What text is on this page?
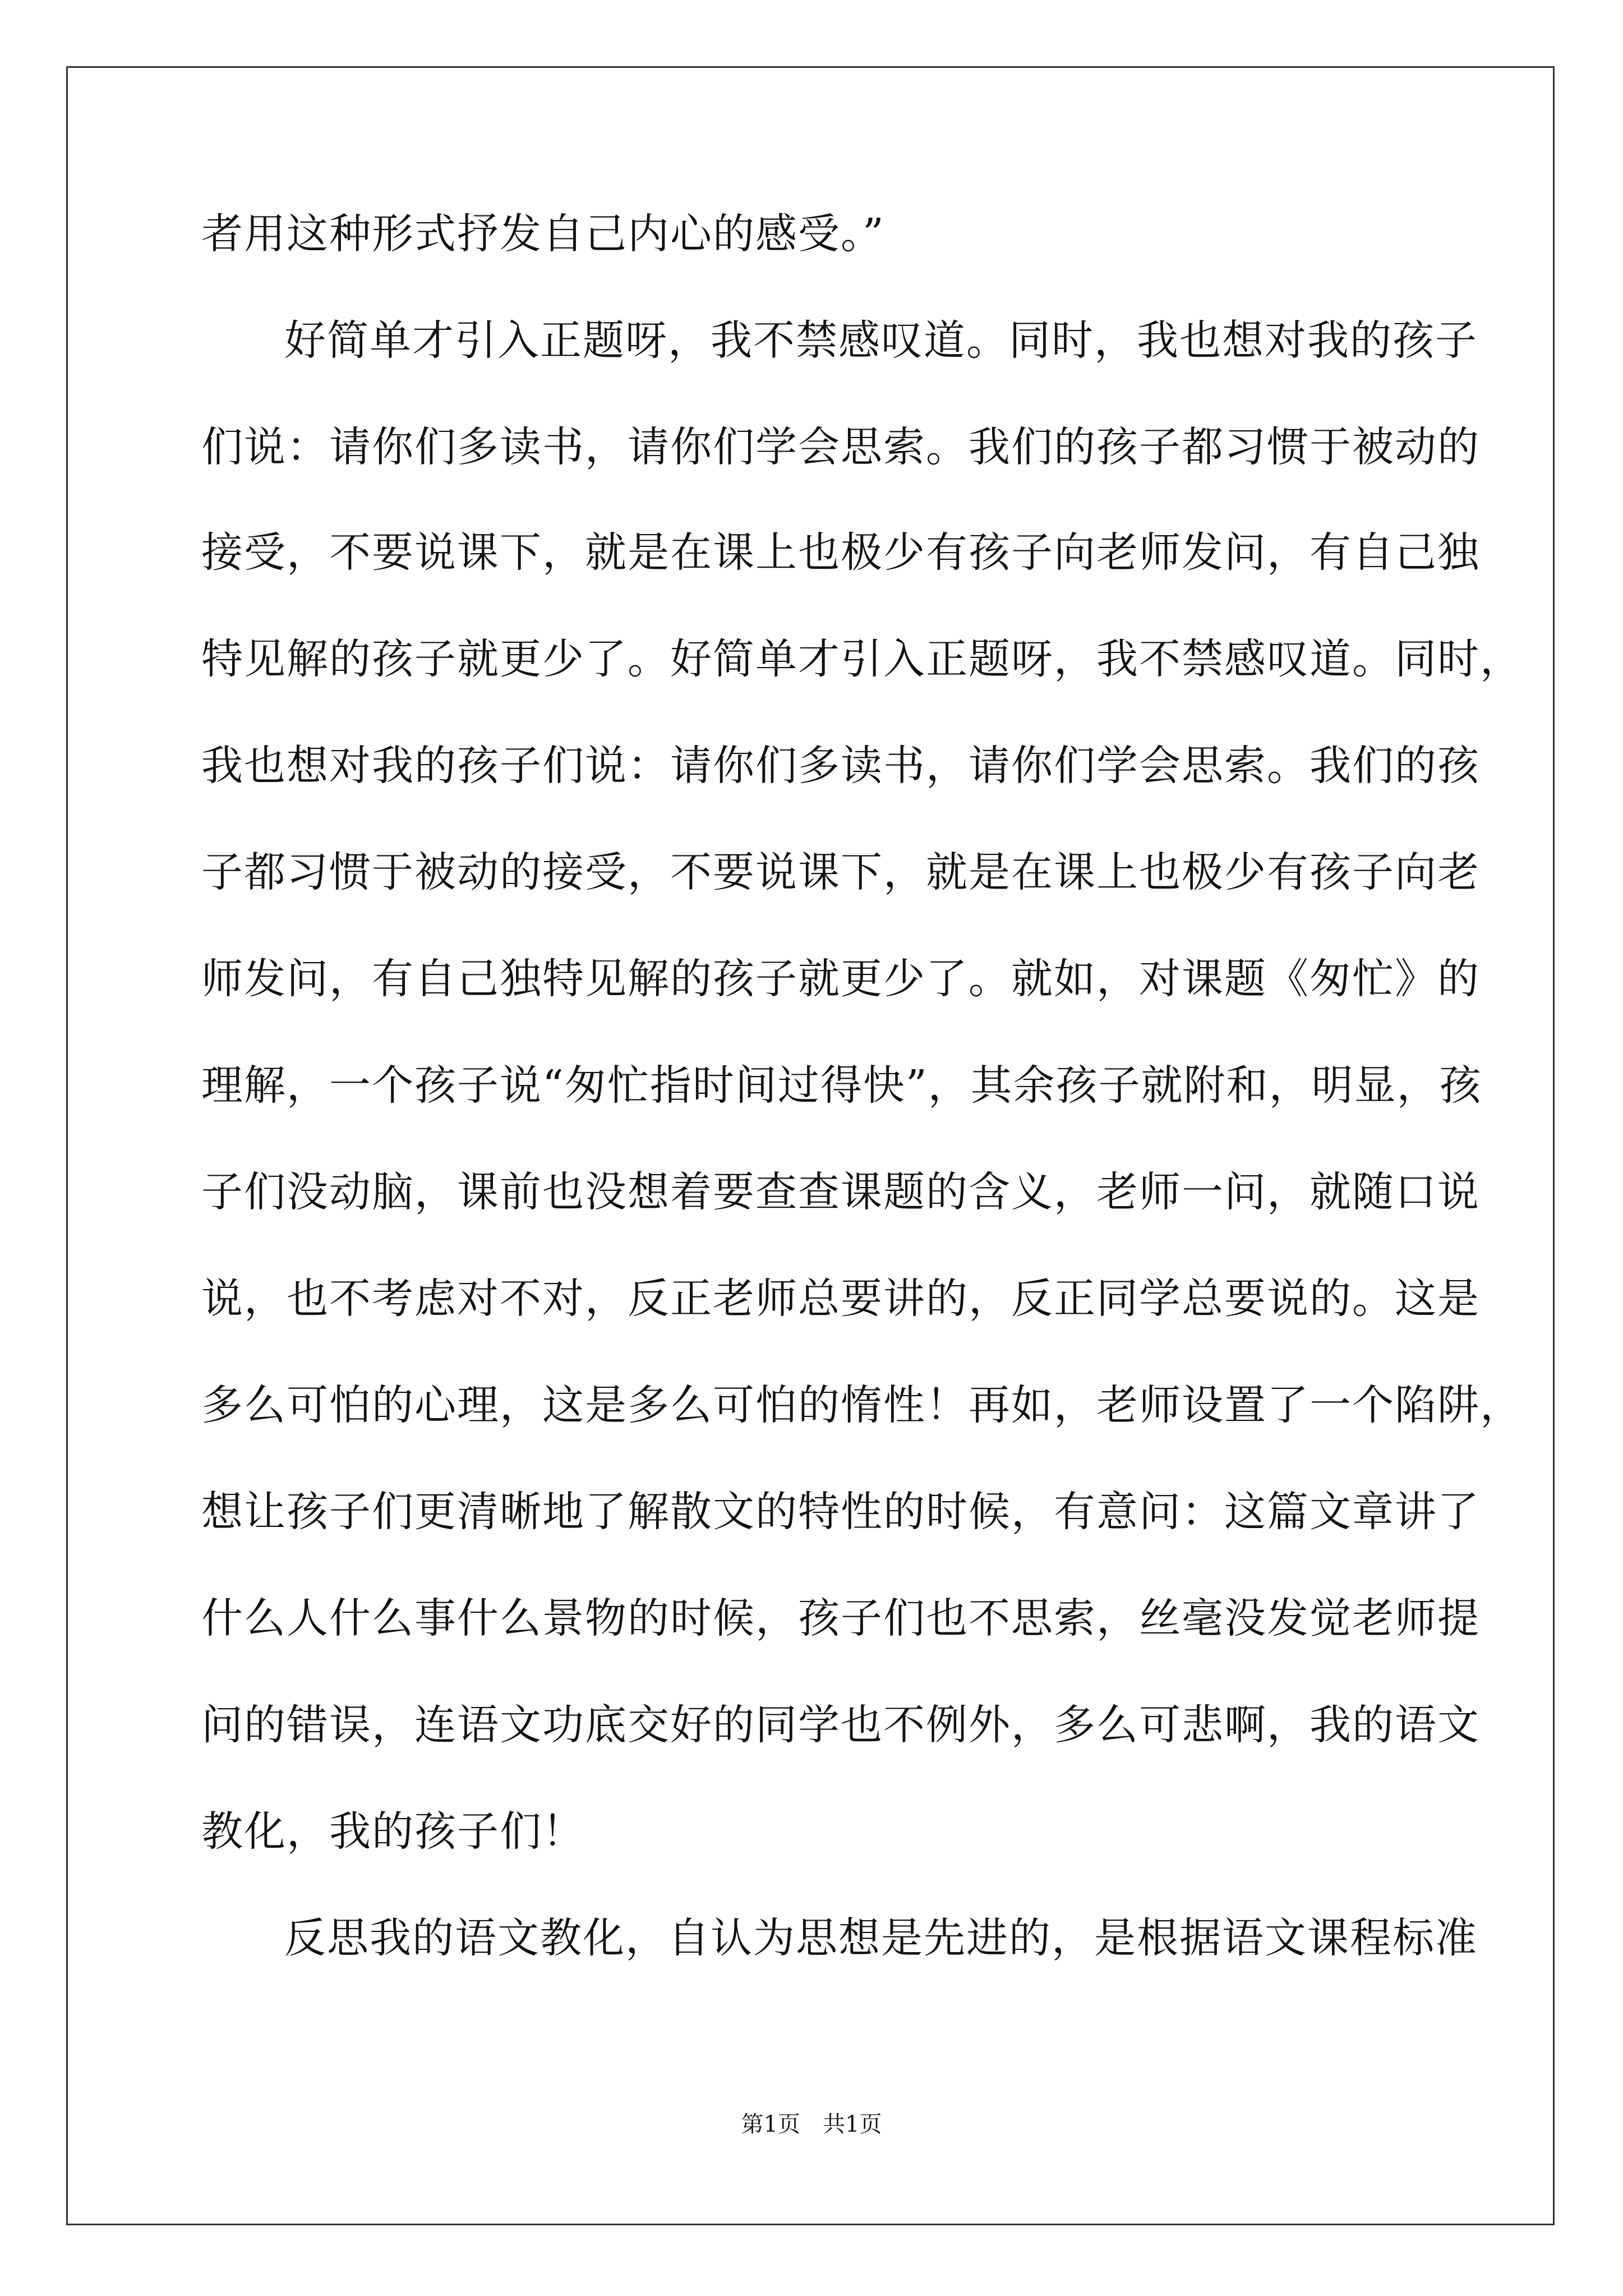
者用这种形式抒发自己内心的感受。”
好简单才引入正题呀，我不禁感叹道。同时，我也想对我的孩子
们说：请你们多读书，请你们学会思索。我们的孩子都习惯于被动的
接受，不要说课下，就是在课上也极少有孩子向老师发问，有自己独
特见解的孩子就更少了。好简单才引入正题呀，我不禁感叹道。同时，
我也想对我的孩子们说：请你们多读书，请你们学会思索。我们的孩
子都习惯于被动的接受，不要说课下，就是在课上也极少有孩子向老
师发问，有自己独特见解的孩子就更少了。就如，对课题《匆忙》的
理解，一个孩子说“匆忙指时间过得快”，其余孩子就附和，明显，孩
子们没动脑，课前也没想着要查查课题的含义，老师一问，就随口说
说，也不考虑对不对，反正老师总要讲的，反正同学总要说的。这是
多么可怕的心理，这是多么可怕的惰性！再如，老师设置了一个陷阱，
想让孩子们更清晰地了解散文的特性的时候，有意问：这篇文章讲了
什么人什么事什么景物的时候，孩子们也不思索，丝毫没发觉老师提
问的错误，连语文功底交好的同学也不例外，多么可悲啊，我的语文
教化，我的孩子们！
反思我的语文教化，自认为思想是先进的，是根据语文课程标准
第1页　共1页
